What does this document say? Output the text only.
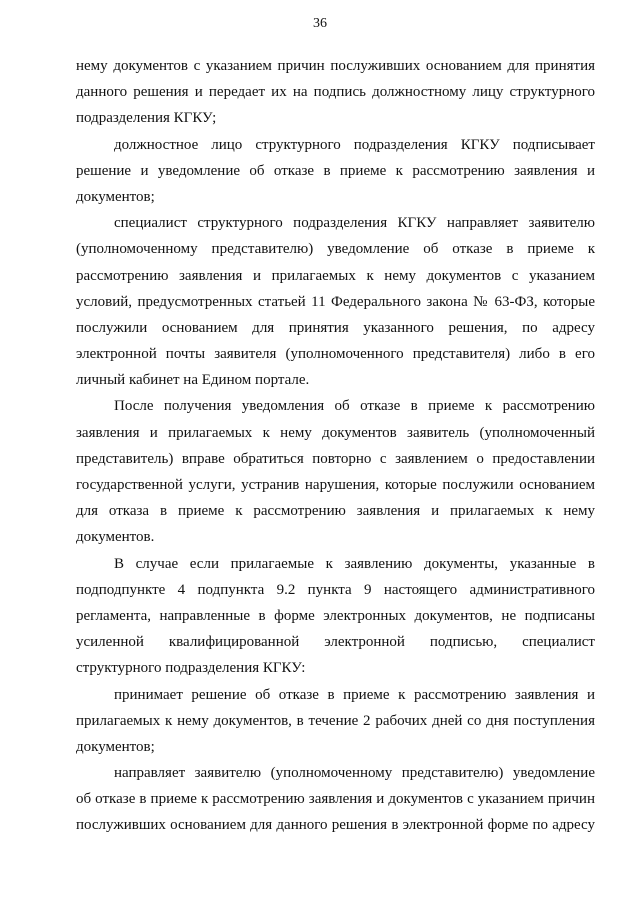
36
нему документов с указанием причин послуживших основанием для принятия
данного решения и передает их на подпись должностному лицу структурного
подразделения КГКУ;
должностное лицо структурного подразделения КГКУ подписывает
решение и уведомление об отказе в приеме к рассмотрению заявления и
документов;
специалист структурного подразделения КГКУ направляет заявителю
(уполномоченному представителю) уведомление об отказе в приеме к
рассмотрению заявления и прилагаемых к нему документов с указанием
условий, предусмотренных статьей 11 Федерального закона № 63-ФЗ, которые
послужили основанием для принятия указанного решения, по адресу
электронной почты заявителя (уполномоченного представителя) либо в его
личный кабинет на Едином портале.
После получения уведомления об отказе в приеме к рассмотрению
заявления и прилагаемых к нему документов заявитель (уполномоченный
представитель) вправе обратиться повторно с заявлением о предоставлении
государственной услуги, устранив нарушения, которые послужили основанием
для отказа в приеме к рассмотрению заявления и прилагаемых к нему
документов.
В случае если прилагаемые к заявлению документы, указанные в
подподпункте 4 подпункта 9.2 пункта 9 настоящего административного
регламента, направленные в форме электронных документов, не подписаны
усиленной квалифицированной электронной подписью, специалист
структурного подразделения КГКУ:
принимает решение об отказе в приеме к рассмотрению заявления и
прилагаемых к нему документов, в течение 2 рабочих дней со дня поступления
документов;
направляет заявителю (уполномоченному представителю) уведомление
об отказе в приеме к рассмотрению заявления и документов с указанием причин
послуживших основанием для данного решения в электронной форме по адресу
